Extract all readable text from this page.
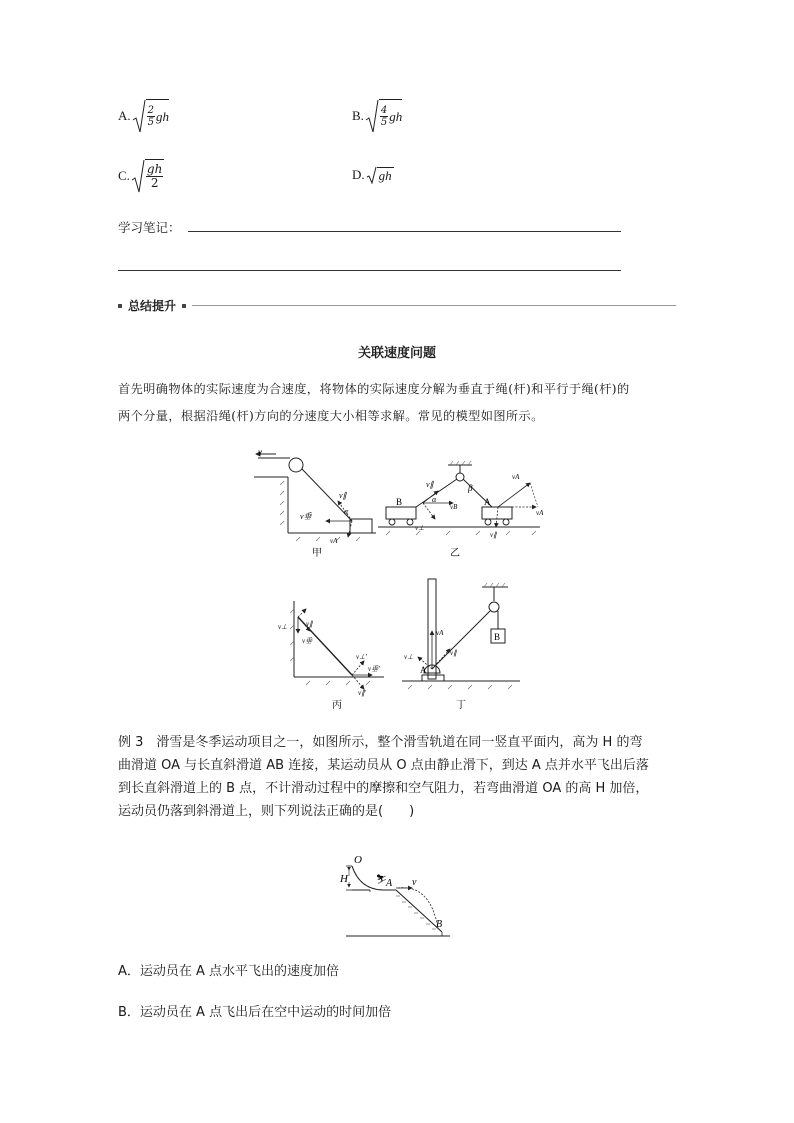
A. $\frac{2}{5}$ gh	B. $\frac{4}{5}$ gh
C. $\frac{gh}{2}$	D. gh
学习笔记：
总结提升
关联速度问题
首先明确物体的实际速度为合速度，将物体的实际速度分解为垂直于绳(杆)和平行于绳(杆)的
两个分量，根据沿绳(杆)方向的分速度大小相等求解。常见的模型如图所示。
v
v∥
v垂
α
vA
甲
B	A
v∥
α
vB
v⊥
β
vA
vA
v∥
乙
v⊥	v∥
v垂
v⊥'
v垂'
v∥'
丙
B
vA
v⊥	v∥
A
丁
例 3　滑雪是冬季运动项目之一，如图所示，整个滑雪轨道在同一竖直平面内，高为 H 的弯
曲滑道 OA 与长直斜滑道 AB 连接，某运动员从 O 点由静止滑下，到达 A 点并水平飞出后落
到长直斜滑道上的 B 点，不计滑动过程中的摩擦和空气阻力，若弯曲滑道 OA 的高 H 加倍，
运动员仍落到斜滑道上，则下列说法正确的是(　　)
H
O
A
⛷ v
B
A．运动员在 A 点水平飞出的速度加倍
B．运动员在 A 点飞出后在空中运动的时间加倍
